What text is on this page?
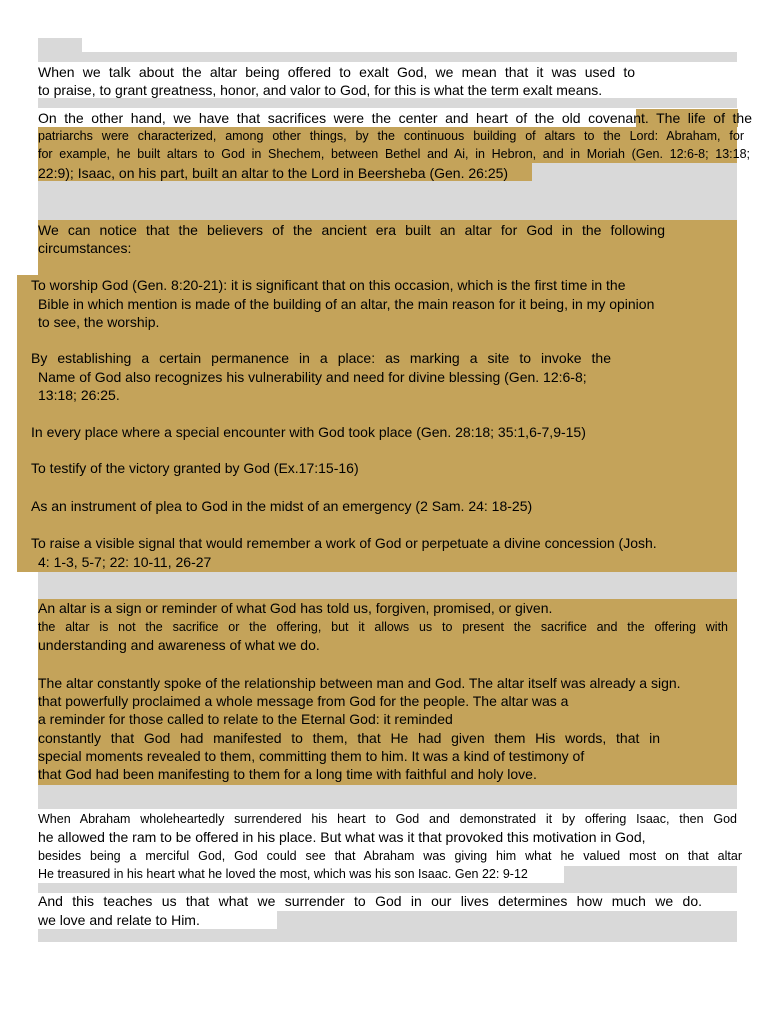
When we talk about the altar being offered to exalt God, we mean that it was used to
to praise, to grant greatness, honor, and valor to God, for this is what the term exalt means.
On the other hand, we have that sacrifices were the center and heart of the old covenant. The life of the
patriarchs were characterized, among other things, by the continuous building of altars to the Lord: Abraham, for
for example, he built altars to God in Shechem, between Bethel and Ai, in Hebron, and in Moriah (Gen. 12:6-8; 13:18;
22:9); Isaac, on his part, built an altar to the Lord in Beersheba (Gen. 26:25)
We can notice that the believers of the ancient era built an altar for God in the following
circumstances:
To worship God (Gen. 8:20-21): it is significant that on this occasion, which is the first time in the
Bible in which mention is made of the building of an altar, the main reason for it being, in my opinion
to see, the worship.
By establishing a certain permanence in a place: as marking a site to invoke the
Name of God also recognizes his vulnerability and need for divine blessing (Gen. 12:6-8;
13:18; 26:25.
In every place where a special encounter with God took place (Gen. 28:18; 35:1,6-7,9-15)
To testify of the victory granted by God (Ex.17:15-16)
As an instrument of plea to God in the midst of an emergency (2 Sam. 24: 18-25)
To raise a visible signal that would remember a work of God or perpetuate a divine concession (Josh.
4: 1-3, 5-7; 22: 10-11, 26-27
An altar is a sign or reminder of what God has told us, forgiven, promised, or given.
the altar is not the sacrifice or the offering, but it allows us to present the sacrifice and the offering with
understanding and awareness of what we do.
The altar constantly spoke of the relationship between man and God. The altar itself was already a sign.
that powerfully proclaimed a whole message from God for the people. The altar was a
a reminder for those called to relate to the Eternal God: it reminded
constantly that God had manifested to them, that He had given them His words, that in
special moments revealed to them, committing them to him. It was a kind of testimony of
that God had been manifesting to them for a long time with faithful and holy love.
When Abraham wholeheartedly surrendered his heart to God and demonstrated it by offering Isaac, then God
he allowed the ram to be offered in his place. But what was it that provoked this motivation in God,
besides being a merciful God, God could see that Abraham was giving him what he valued most on that altar
He treasured in his heart what he loved the most, which was his son Isaac. Gen 22: 9-12
And this teaches us that what we surrender to God in our lives determines how much we do.
we love and relate to Him.
